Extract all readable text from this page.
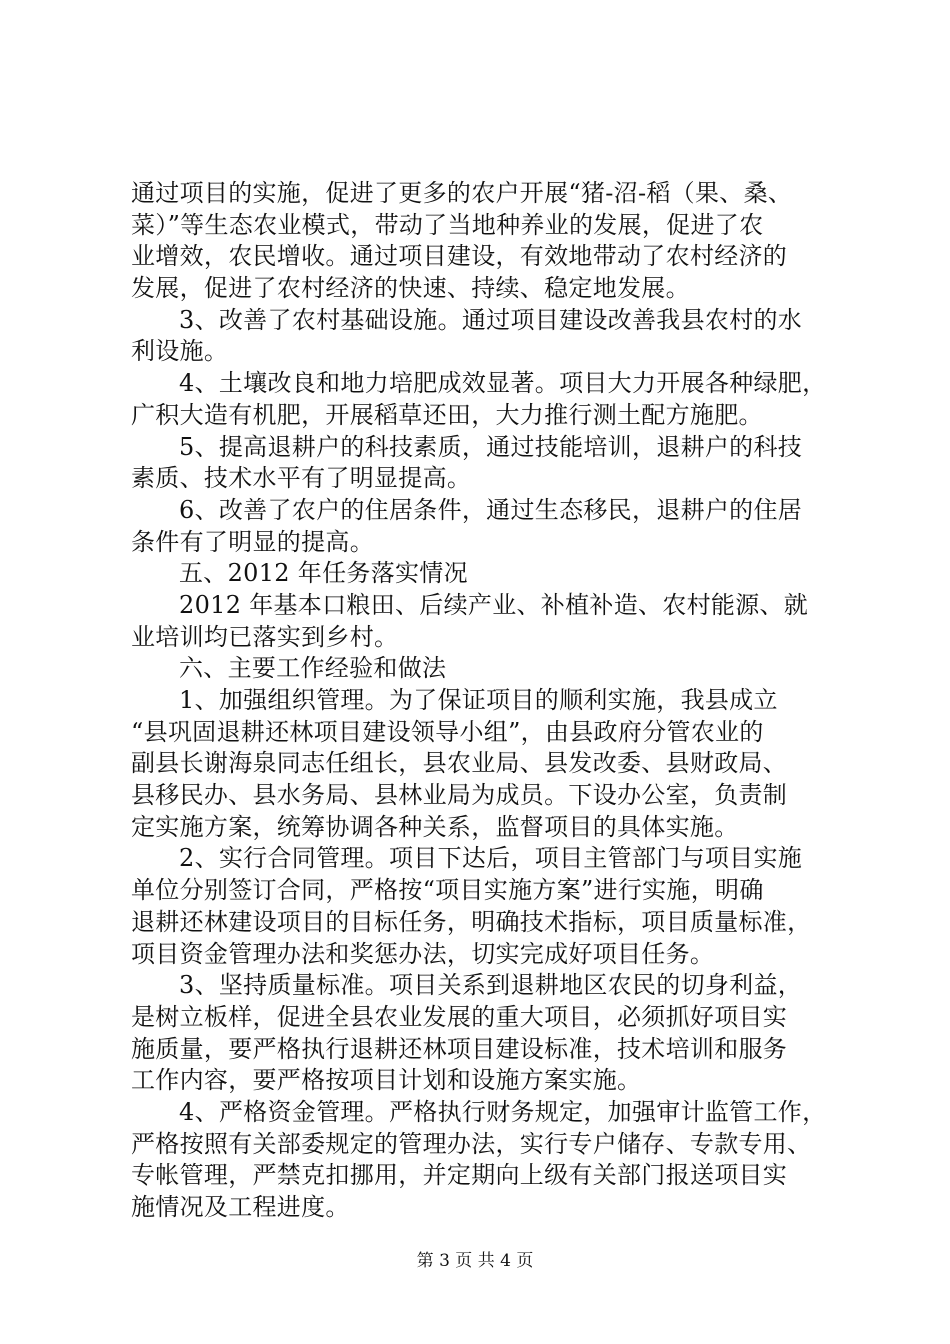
通过项目的实施，促进了更多的农户开展“猪-沼-稻（果、桑、
菜）”等生态农业模式，带动了当地种养业的发展，促进了农
业增效，农民增收。通过项目建设，有效地带动了农村经济的
发展，促进了农村经济的快速、持续、稳定地发展。
3、改善了农村基础设施。通过项目建设改善我县农村的水
利设施。
4、土壤改良和地力培肥成效显著。项目大力开展各种绿肥，
广积大造有机肥，开展稻草还田，大力推行测土配方施肥。
5、提高退耕户的科技素质，通过技能培训，退耕户的科技
素质、技术水平有了明显提高。
6、改善了农户的住居条件，通过生态移民，退耕户的住居
条件有了明显的提高。
五、2012 年任务落实情况
2012 年基本口粮田、后续产业、补植补造、农村能源、就
业培训均已落实到乡村。
六、主要工作经验和做法
1、加强组织管理。为了保证项目的顺利实施，我县成立
“县巩固退耕还林项目建设领导小组”，由县政府分管农业的
副县长谢海泉同志任组长，县农业局、县发改委、县财政局、
县移民办、县水务局、县林业局为成员。下设办公室，负责制
定实施方案，统筹协调各种关系，监督项目的具体实施。
2、实行合同管理。项目下达后，项目主管部门与项目实施
单位分别签订合同，严格按“项目实施方案”进行实施，明确
退耕还林建设项目的目标任务，明确技术指标，项目质量标准，
项目资金管理办法和奖惩办法，切实完成好项目任务。
3、坚持质量标准。项目关系到退耕地区农民的切身利益，
是树立板样，促进全县农业发展的重大项目，必须抓好项目实
施质量，要严格执行退耕还林项目建设标准，技术培训和服务
工作内容，要严格按项目计划和设施方案实施。
4、严格资金管理。严格执行财务规定，加强审计监管工作，
严格按照有关部委规定的管理办法，实行专户储存、专款专用、
专帐管理，严禁克扣挪用，并定期向上级有关部门报送项目实
施情况及工程进度。
第 3 页 共 4 页
